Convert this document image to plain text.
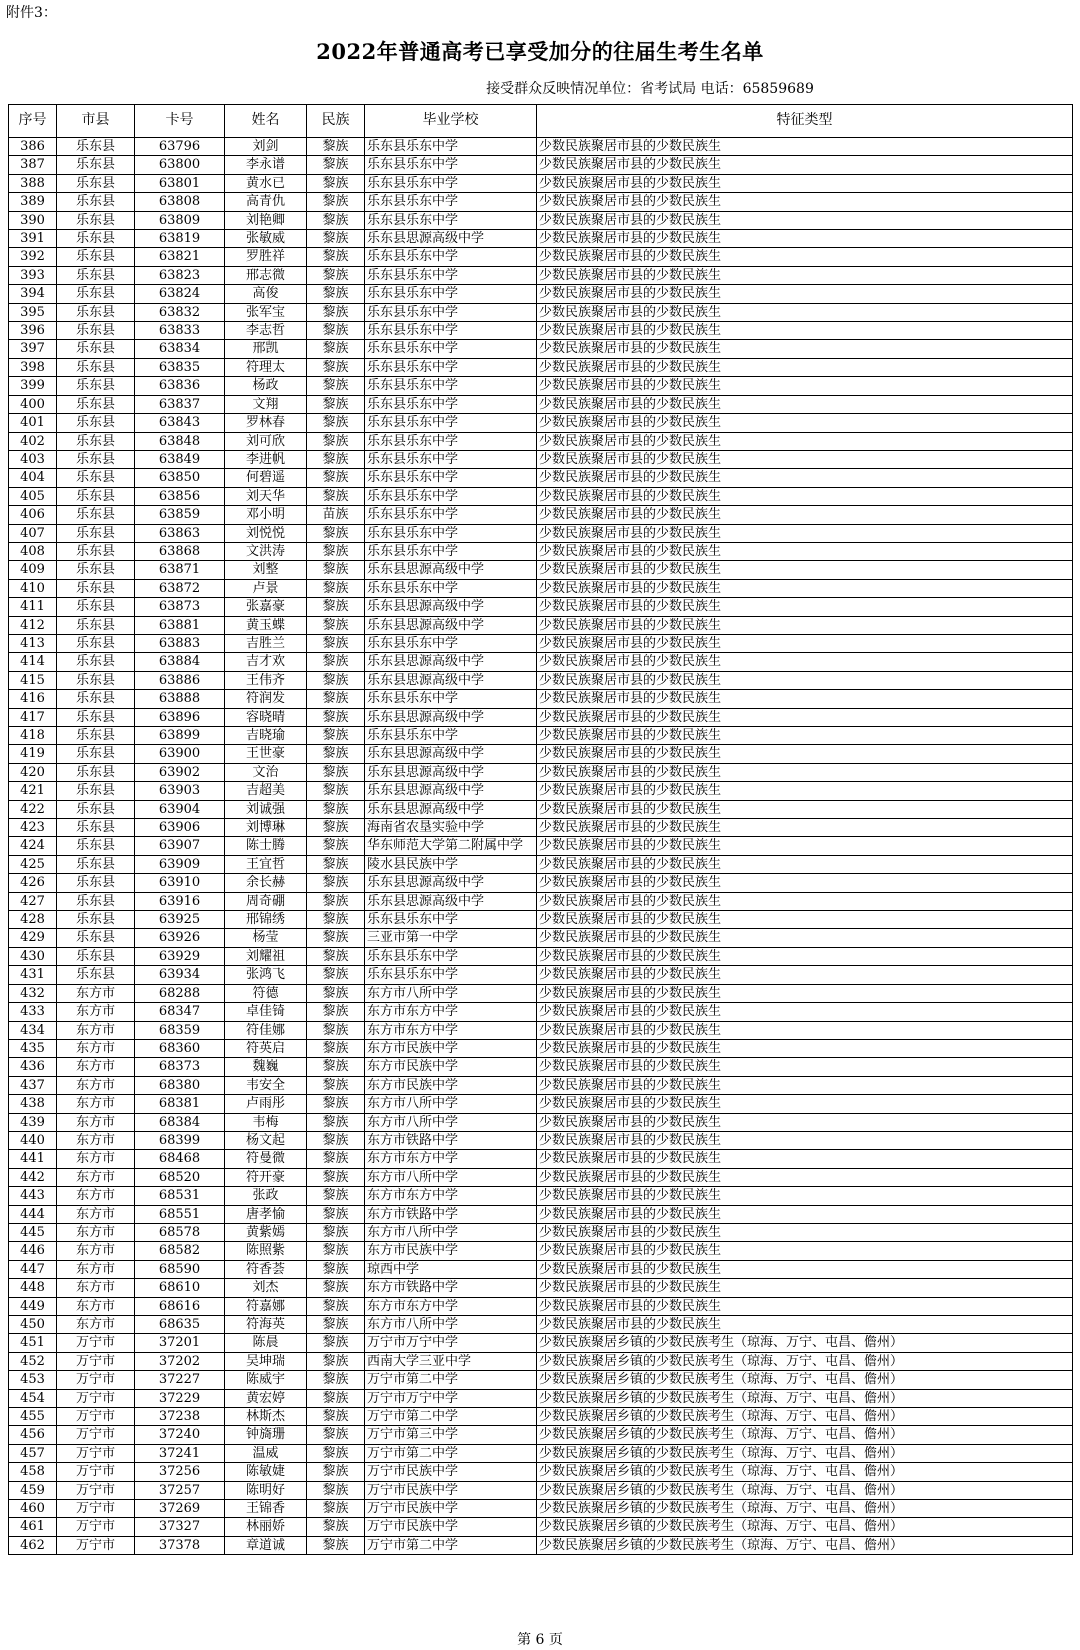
附件3：
2022年普通高考已享受加分的往届生考生名单
接受群众反映情况单位：省考试局 电话：65859689
序号	市县	卡号	姓名	民族	毕业学校	特征类型
386	乐东县	63796	刘剑	黎族	乐东县乐东中学	少数民族聚居市县的少数民族生
387	乐东县	63800	李永谱	黎族	乐东县乐东中学	少数民族聚居市县的少数民族生
388	乐东县	63801	黄水已	黎族	乐东县乐东中学	少数民族聚居市县的少数民族生
389	乐东县	63808	高青仇	黎族	乐东县乐东中学	少数民族聚居市县的少数民族生
390	乐东县	63809	刘艳卿	黎族	乐东县乐东中学	少数民族聚居市县的少数民族生
391	乐东县	63819	张敏威	黎族	乐东县思源高级中学	少数民族聚居市县的少数民族生
392	乐东县	63821	罗胜祥	黎族	乐东县乐东中学	少数民族聚居市县的少数民族生
393	乐东县	63823	邢志微	黎族	乐东县乐东中学	少数民族聚居市县的少数民族生
394	乐东县	63824	高俊	黎族	乐东县乐东中学	少数民族聚居市县的少数民族生
395	乐东县	63832	张军宝	黎族	乐东县乐东中学	少数民族聚居市县的少数民族生
396	乐东县	63833	李志哲	黎族	乐东县乐东中学	少数民族聚居市县的少数民族生
397	乐东县	63834	邢凯	黎族	乐东县乐东中学	少数民族聚居市县的少数民族生
398	乐东县	63835	符理太	黎族	乐东县乐东中学	少数民族聚居市县的少数民族生
399	乐东县	63836	杨政	黎族	乐东县乐东中学	少数民族聚居市县的少数民族生
400	乐东县	63837	文翔	黎族	乐东县乐东中学	少数民族聚居市县的少数民族生
401	乐东县	63843	罗林春	黎族	乐东县乐东中学	少数民族聚居市县的少数民族生
402	乐东县	63848	刘可欣	黎族	乐东县乐东中学	少数民族聚居市县的少数民族生
403	乐东县	63849	李进帆	黎族	乐东县乐东中学	少数民族聚居市县的少数民族生
404	乐东县	63850	何碧遥	黎族	乐东县乐东中学	少数民族聚居市县的少数民族生
405	乐东县	63856	刘天华	黎族	乐东县乐东中学	少数民族聚居市县的少数民族生
406	乐东县	63859	邓小明	苗族	乐东县乐东中学	少数民族聚居市县的少数民族生
407	乐东县	63863	刘悦悦	黎族	乐东县乐东中学	少数民族聚居市县的少数民族生
408	乐东县	63868	文洪涛	黎族	乐东县乐东中学	少数民族聚居市县的少数民族生
409	乐东县	63871	刘整	黎族	乐东县思源高级中学	少数民族聚居市县的少数民族生
410	乐东县	63872	卢景	黎族	乐东县乐东中学	少数民族聚居市县的少数民族生
411	乐东县	63873	张嘉豪	黎族	乐东县思源高级中学	少数民族聚居市县的少数民族生
412	乐东县	63881	黄玉蝶	黎族	乐东县思源高级中学	少数民族聚居市县的少数民族生
413	乐东县	63883	吉胜兰	黎族	乐东县乐东中学	少数民族聚居市县的少数民族生
414	乐东县	63884	吉才欢	黎族	乐东县思源高级中学	少数民族聚居市县的少数民族生
415	乐东县	63886	王伟齐	黎族	乐东县思源高级中学	少数民族聚居市县的少数民族生
416	乐东县	63888	符润发	黎族	乐东县乐东中学	少数民族聚居市县的少数民族生
417	乐东县	63896	容晓晴	黎族	乐东县思源高级中学	少数民族聚居市县的少数民族生
418	乐东县	63899	吉晓瑜	黎族	乐东县乐东中学	少数民族聚居市县的少数民族生
419	乐东县	63900	王世豪	黎族	乐东县思源高级中学	少数民族聚居市县的少数民族生
420	乐东县	63902	文治	黎族	乐东县思源高级中学	少数民族聚居市县的少数民族生
421	乐东县	63903	吉超美	黎族	乐东县思源高级中学	少数民族聚居市县的少数民族生
422	乐东县	63904	刘诚强	黎族	乐东县思源高级中学	少数民族聚居市县的少数民族生
423	乐东县	63906	刘博琳	黎族	海南省农垦实验中学	少数民族聚居市县的少数民族生
424	乐东县	63907	陈士腾	黎族	华东师范大学第二附属中学	少数民族聚居市县的少数民族生
425	乐东县	63909	王宜哲	黎族	陵水县民族中学	少数民族聚居市县的少数民族生
426	乐东县	63910	余长赫	黎族	乐东县思源高级中学	少数民族聚居市县的少数民族生
427	乐东县	63916	周奇硼	黎族	乐东县思源高级中学	少数民族聚居市县的少数民族生
428	乐东县	63925	邢锦绣	黎族	乐东县乐东中学	少数民族聚居市县的少数民族生
429	乐东县	63926	杨莹	黎族	三亚市第一中学	少数民族聚居市县的少数民族生
430	乐东县	63929	刘耀祖	黎族	乐东县乐东中学	少数民族聚居市县的少数民族生
431	乐东县	63934	张鸿飞	黎族	乐东县乐东中学	少数民族聚居市县的少数民族生
432	东方市	68288	符德	黎族	东方市八所中学	少数民族聚居市县的少数民族生
433	东方市	68347	卓佳锜	黎族	东方市东方中学	少数民族聚居市县的少数民族生
434	东方市	68359	符佳娜	黎族	东方市东方中学	少数民族聚居市县的少数民族生
435	东方市	68360	符英启	黎族	东方市民族中学	少数民族聚居市县的少数民族生
436	东方市	68373	魏巍	黎族	东方市民族中学	少数民族聚居市县的少数民族生
437	东方市	68380	韦安全	黎族	东方市民族中学	少数民族聚居市县的少数民族生
438	东方市	68381	卢雨彤	黎族	东方市八所中学	少数民族聚居市县的少数民族生
439	东方市	68384	韦梅	黎族	东方市八所中学	少数民族聚居市县的少数民族生
440	东方市	68399	杨文起	黎族	东方市铁路中学	少数民族聚居市县的少数民族生
441	东方市	68468	符曼微	黎族	东方市东方中学	少数民族聚居市县的少数民族生
442	东方市	68520	符开豪	黎族	东方市八所中学	少数民族聚居市县的少数民族生
443	东方市	68531	张政	黎族	东方市东方中学	少数民族聚居市县的少数民族生
444	东方市	68551	唐孝愉	黎族	东方市铁路中学	少数民族聚居市县的少数民族生
445	东方市	68578	黄紫嫣	黎族	东方市八所中学	少数民族聚居市县的少数民族生
446	东方市	68582	陈照紫	黎族	东方市民族中学	少数民族聚居市县的少数民族生
447	东方市	68590	符香荟	黎族	琼西中学	少数民族聚居市县的少数民族生
448	东方市	68610	刘杰	黎族	东方市铁路中学	少数民族聚居市县的少数民族生
449	东方市	68616	符嘉娜	黎族	东方市东方中学	少数民族聚居市县的少数民族生
450	东方市	68635	符海英	黎族	东方市八所中学	少数民族聚居市县的少数民族生
451	万宁市	37201	陈晨	黎族	万宁市万宁中学	少数民族聚居乡镇的少数民族考生（琼海、万宁、屯昌、儋州）
452	万宁市	37202	吴坤瑞	黎族	西南大学三亚中学	少数民族聚居乡镇的少数民族考生（琼海、万宁、屯昌、儋州）
453	万宁市	37227	陈威宇	黎族	万宁市第二中学	少数民族聚居乡镇的少数民族考生（琼海、万宁、屯昌、儋州）
454	万宁市	37229	黄宏婷	黎族	万宁市万宁中学	少数民族聚居乡镇的少数民族考生（琼海、万宁、屯昌、儋州）
455	万宁市	37238	林斯杰	黎族	万宁市第二中学	少数民族聚居乡镇的少数民族考生（琼海、万宁、屯昌、儋州）
456	万宁市	37240	钟旖珊	黎族	万宁市第三中学	少数民族聚居乡镇的少数民族考生（琼海、万宁、屯昌、儋州）
457	万宁市	37241	温威	黎族	万宁市第二中学	少数民族聚居乡镇的少数民族考生（琼海、万宁、屯昌、儋州）
458	万宁市	37256	陈敏婕	黎族	万宁市民族中学	少数民族聚居乡镇的少数民族考生（琼海、万宁、屯昌、儋州）
459	万宁市	37257	陈明好	黎族	万宁市民族中学	少数民族聚居乡镇的少数民族考生（琼海、万宁、屯昌、儋州）
460	万宁市	37269	王锦香	黎族	万宁市民族中学	少数民族聚居乡镇的少数民族考生（琼海、万宁、屯昌、儋州）
461	万宁市	37327	林丽娇	黎族	万宁市民族中学	少数民族聚居乡镇的少数民族考生（琼海、万宁、屯昌、儋州）
462	万宁市	37378	章道诚	黎族	万宁市第二中学	少数民族聚居乡镇的少数民族考生（琼海、万宁、屯昌、儋州）
第 6 页
